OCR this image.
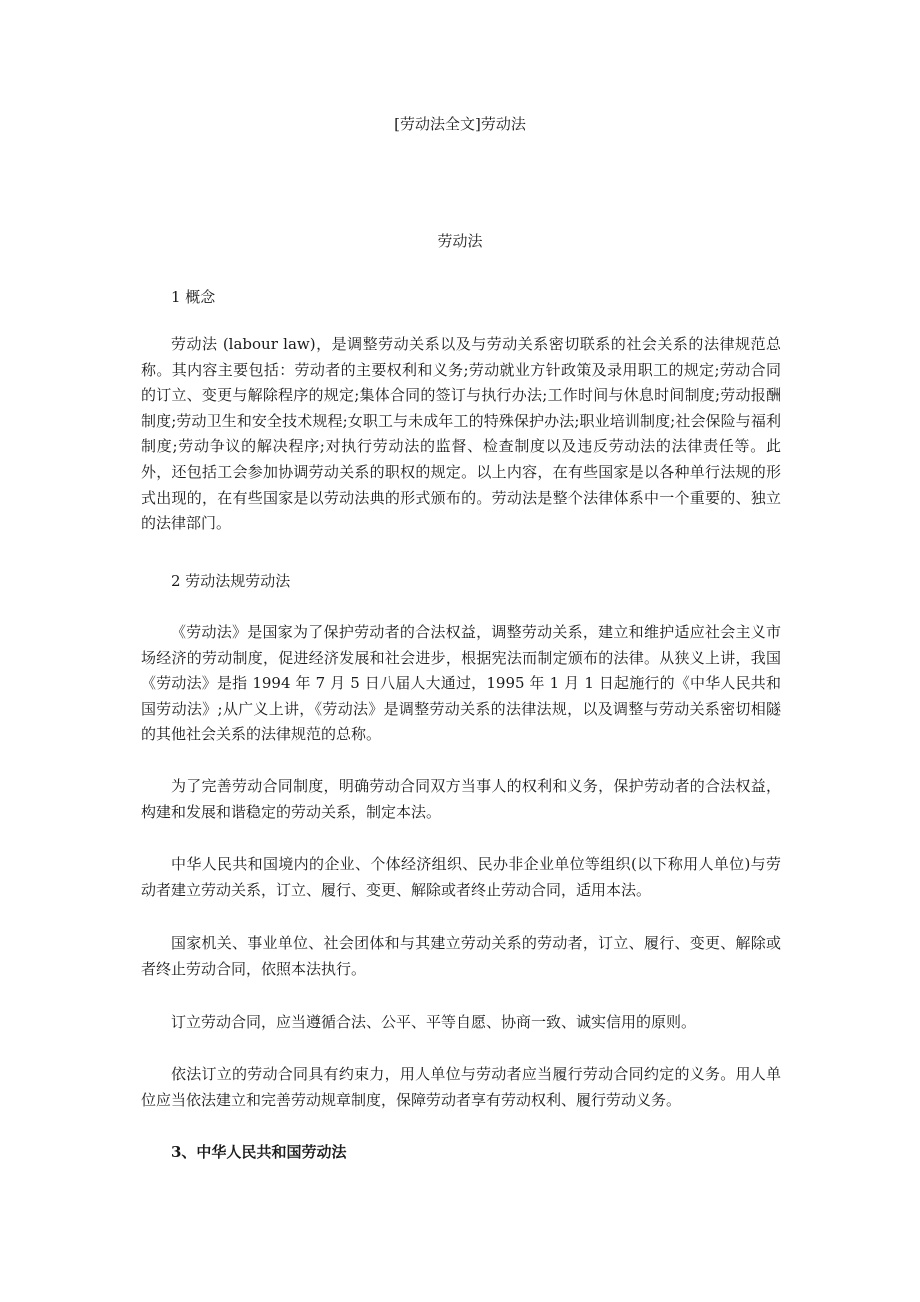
[劳动法全文]劳动法
劳动法
1 概念

劳动法 (labour law)，是调整劳动关系以及与劳动关系密切联系的社会关系的法律规范总称。其内容主要包括：劳动者的主要权利和义务;劳动就业方针政策及录用职工的规定;劳动合同的订立、变更与解除程序的规定;集体合同的签订与执行办法;工作时间与休息时间制度;劳动报酬制度;劳动卫生和安全技术规程;女职工与未成年工的特殊保护办法;职业培训制度;社会保险与福利制度;劳动争议的解决程序;对执行劳动法的监督、检查制度以及违反劳动法的法律责任等。此外，还包括工会参加协调劳动关系的职权的规定。以上内容，在有些国家是以各种单行法规的形式出现的，在有些国家是以劳动法典的形式颁布的。劳动法是整个法律体系中一个重要的、独立的法律部门。

2 劳动法规劳动法

《劳动法》是国家为了保护劳动者的合法权益，调整劳动关系，建立和维护适应社会主义市场经济的劳动制度，促进经济发展和社会进步，根据宪法而制定颁布的法律。从狭义上讲，我国《劳动法》是指 1994 年 7 月 5 日八届人大通过，1995 年 1 月 1 日起施行的《中华人民共和国劳动法》;从广义上讲，《劳动法》是调整劳动关系的法律法规，以及调整与劳动关系密切相隧的其他社会关系的法律规范的总称。

为了完善劳动合同制度，明确劳动合同双方当事人的权利和义务，保护劳动者的合法权益，构建和发展和谐稳定的劳动关系，制定本法。

中华人民共和国境内的企业、个体经济组织、民办非企业单位等组织(以下称用人单位)与劳动者建立劳动关系，订立、履行、变更、解除或者终止劳动合同，适用本法。

国家机关、事业单位、社会团体和与其建立劳动关系的劳动者，订立、履行、变更、解除或者终止劳动合同，依照本法执行。

订立劳动合同，应当遵循合法、公平、平等自愿、协商一致、诚实信用的原则。

依法订立的劳动合同具有约束力，用人单位与劳动者应当履行劳动合同约定的义务。用人单位应当依法建立和完善劳动规章制度，保障劳动者享有劳动权利、履行劳动义务。

3、中华人民共和国劳动法
